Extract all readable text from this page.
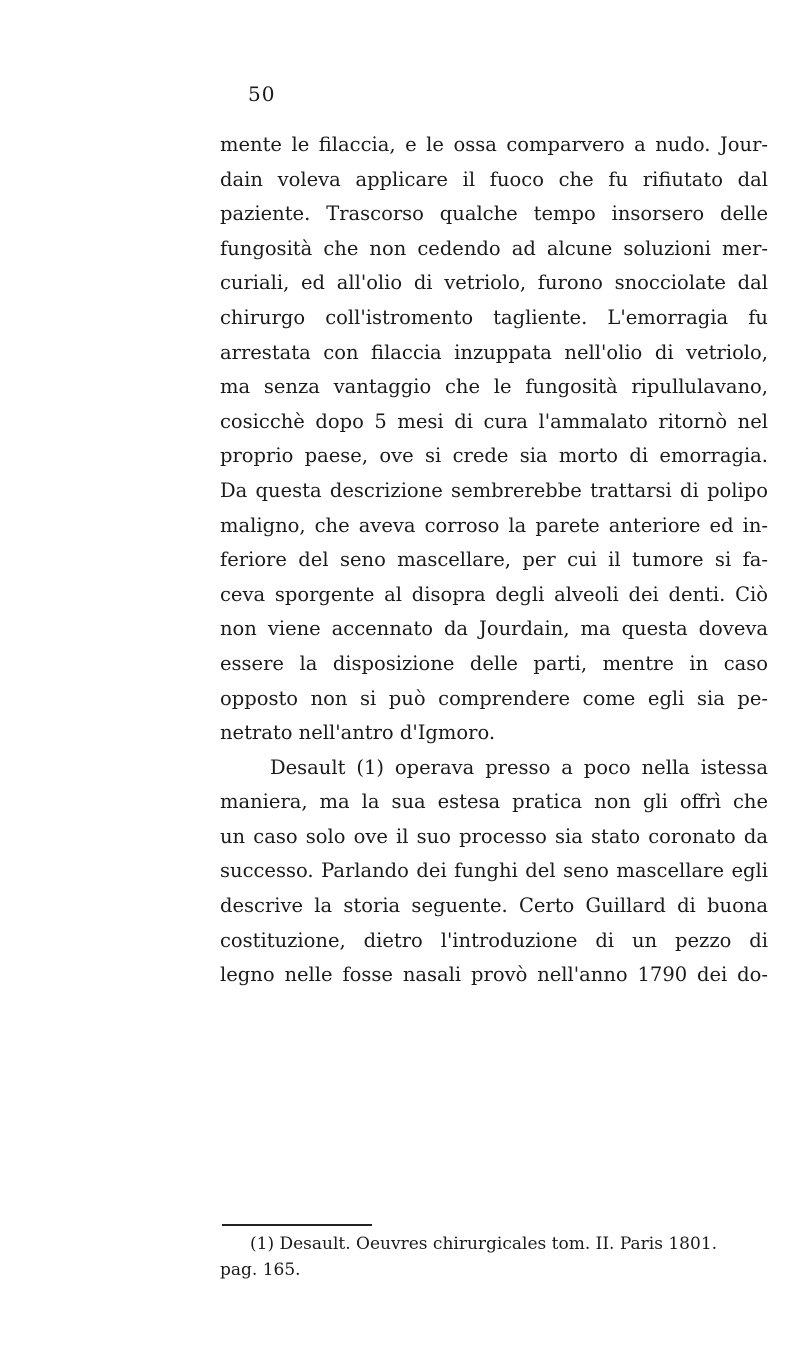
50
mente le filaccia, e le ossa comparvero a nudo. Jour-
dain voleva applicare il fuoco che fu rifiutato dal
paziente. Trascorso qualche tempo insorsero delle
fungosità che non cedendo ad alcune soluzioni mer-
curiali, ed all'olio di vetriolo, furono snocciolate dal
chirurgo coll'istromento tagliente. L'emorragia fu
arrestata con filaccia inzuppata nell'olio di vetriolo,
ma senza vantaggio che le fungosità ripullulavano,
cosicchè dopo 5 mesi di cura l'ammalato ritornò nel
proprio paese, ove si crede sia morto di emorragia.
Da questa descrizione sembrerebbe trattarsi di polipo
maligno, che aveva corroso la parete anteriore ed in-
feriore del seno mascellare, per cui il tumore si fa-
ceva sporgente al disopra degli alveoli dei denti. Ciò
non viene accennato da Jourdain, ma questa doveva
essere la disposizione delle parti, mentre in caso
opposto non si può comprendere come egli sia pe-
netrato nell'antro d'Igmoro.
Desault (1) operava presso a poco nella istessa
maniera, ma la sua estesa pratica non gli offrì che
un caso solo ove il suo processo sia stato coronato da
successo. Parlando dei funghi del seno mascellare egli
descrive la storia seguente. Certo Guillard di buona
costituzione, dietro l'introduzione di un pezzo di
legno nelle fosse nasali provò nell'anno 1790 dei do-
(1) Desault. Oeuvres chirurgicales tom. II. Paris 1801.
pag. 165.
